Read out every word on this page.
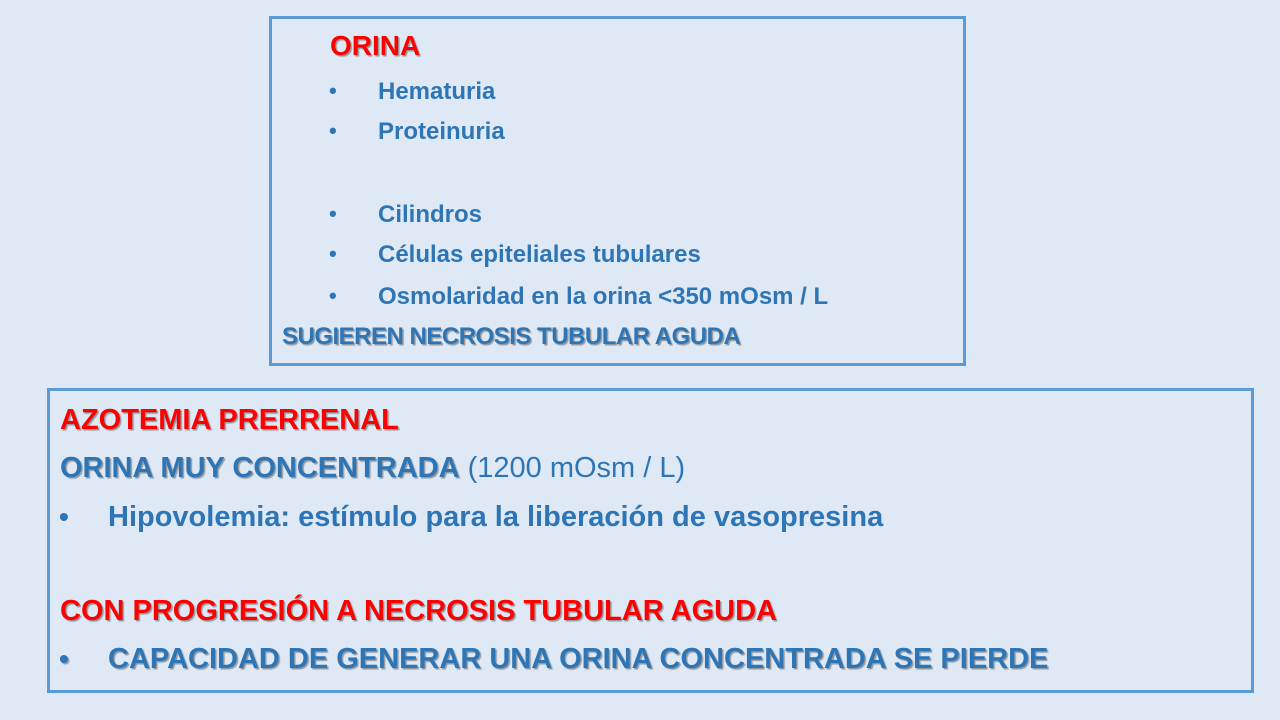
ORINA
• Hematuria
• Proteinuria
• Cilindros
• Células epiteliales tubulares
• Osmolaridad en la orina <350 mOsm / L
SUGIEREN NECROSIS TUBULAR AGUDA
AZOTEMIA PRERRENAL
ORINA MUY CONCENTRADA (1200 mOsm / L)
• Hipovolemia: estímulo para la liberación de vasopresina
CON PROGRESIÓN A NECROSIS TUBULAR AGUDA
• CAPACIDAD DE GENERAR UNA ORINA CONCENTRADA SE PIERDE
